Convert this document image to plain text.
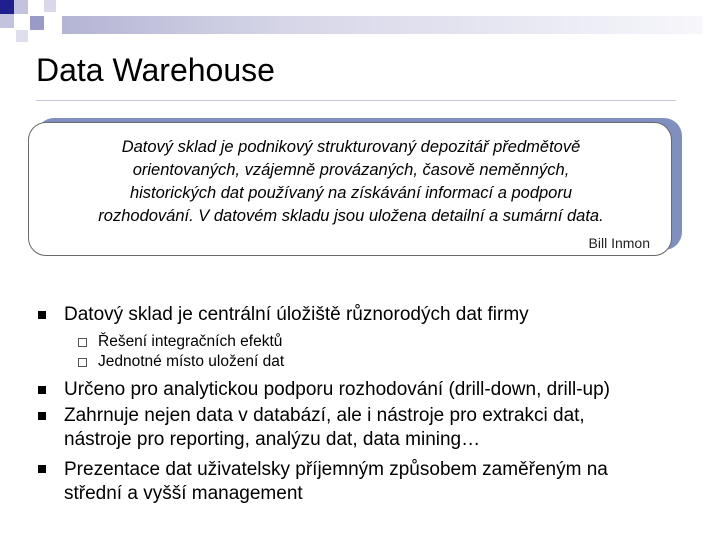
Data Warehouse
Datový sklad je podnikový strukturovaný depozitář předmětově
orientovaných, vzájemně provázaných, časově neměnných,
historických dat používaný na získávání informací a podporu
rozhodování. V datovém skladu jsou uložena detailní a sumární data.
Bill Inmon
Datový sklad je centrální úložiště různorodých dat firmy
Řešení integračních efektů
Jednotné místo uložení dat
Určeno pro analytickou podporu rozhodování (drill-down, drill-up)
Zahrnuje nejen data v databází, ale i nástroje pro extrakci dat,
nástroje pro reporting, analýzu dat, data mining…
Prezentace dat uživatelsky příjemným způsobem zaměřeným na
střední a vyšší management
